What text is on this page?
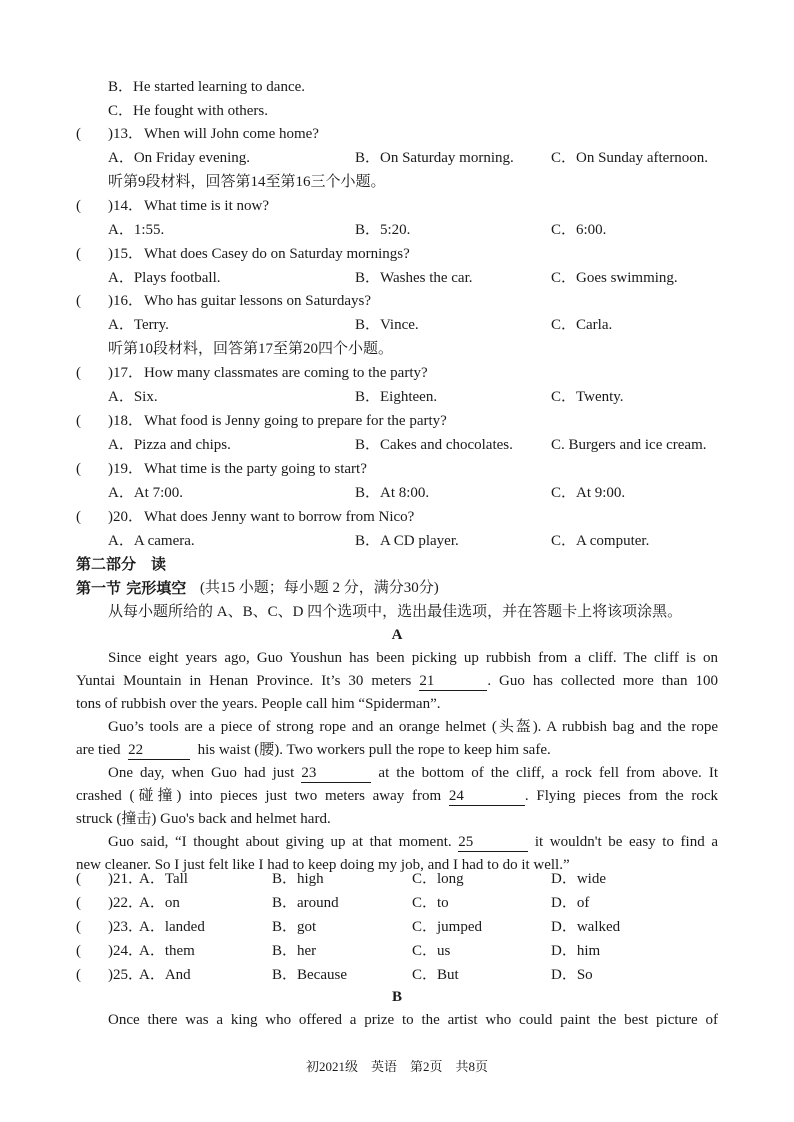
B．He started learning to dance.
C．He fought with others.
( )13． When will John come home?
A．On Friday evening.	B．On Saturday morning. C．On Sunday afternoon.
听第9段材料，回答第14至第16三个小题。
( )14． What time is it now?
A．1:55.	B．5:20.	C．6:00.
( )15． What does Casey do on Saturday mornings?
A．Plays football.	B．Washes the car.	C．Goes swimming.
( )16． Who has guitar lessons on Saturdays?
A．Terry.	B．Vince.	C．Carla.
听第10段材料，回答第17至第20四个小题。
( )17． How many classmates are coming to the party?
A．Six.	B．Eighteen.	C．Twenty.
( )18． What food is Jenny going to prepare for the party?
A．Pizza and chips.	B．Cakes and chocolates.	C. Burgers and ice cream.
( )19． What time is the party going to start?
A．At 7:00.	B．At 8:00.	C．At 9:00.
( )20． What does Jenny want to borrow from Nico?
A．A camera.	B．A CD player.	C．A computer.
第二部分　读
第一节 完形填空 (共15 小题；每小题 2 分，满分30分)
从每小题所给的 A、B、C、D 四个选项中，选出最佳选项，并在答题卡上将该项涂黑。
A
Since eight years ago, Guo Youshun has been picking up rubbish from a cliff. The cliff is on
Yuntai Mountain in Henan Province. It’s 30 meters 21	. Guo has collected more than 100
tons of rubbish over the years. People call him “Spiderman”.
Guo’s tools are a piece of strong rope and an orange helmet (头盔). A rubbish bag and the rope
are tied 22	his waist (腰). Two workers pull the rope to keep him safe.
One day, when Guo had just 23	at the bottom of the cliff, a rock fell from above. It
crashed (碰撞) into pieces just two meters away from 24	. Flying pieces from the rock
struck (撞击) Guo's back and helmet hard.
Guo said, “I thought about giving up at that moment. 25	it wouldn't be easy to find a
new cleaner. So I just felt like I had to keep doing my job, and I had to do it well.”
( )21．
A．Tall	B．high	C．long	D．wide
( )22．
A．on	B．around	C．to	D．of
( )23．
A．landed	B．got	C．jumped	D．walked
( )24．
A．them	B．her	C．us	D．him
( )25．
A．And	B．Because	C．But	D．So
B
Once there was a king who offered a prize to the artist who could paint the best picture of
初2021级　英语　第2页　共8页
